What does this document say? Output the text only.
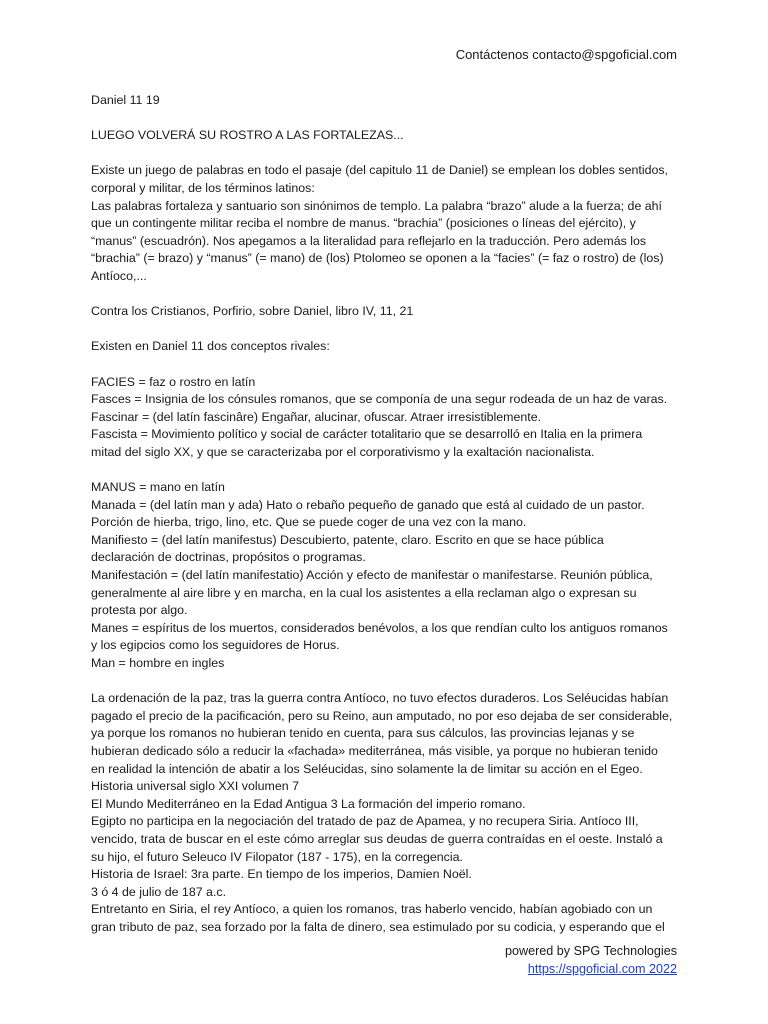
Contáctenos contacto@spgoficial.com
Daniel 11 19
LUEGO VOLVERÁ SU ROSTRO A LAS FORTALEZAS...
Existe un juego de palabras en todo el pasaje (del capitulo 11 de Daniel) se emplean los dobles sentidos,
corporal y militar, de los términos latinos:
Las palabras fortaleza y santuario son sinónimos de templo. La palabra “brazo” alude a la fuerza; de ahí
que un contingente militar reciba el nombre de manus. “brachia” (posiciones o líneas del ejército), y
“manus” (escuadrón). Nos apegamos a la literalidad para reflejarlo en la traducción. Pero además los
“brachia” (= brazo) y “manus” (= mano) de (los) Ptolomeo se oponen a la “facies” (= faz o rostro) de (los)
Antíoco,...
Contra los Cristianos, Porfirio, sobre Daniel, libro IV, 11, 21
Existen en Daniel 11 dos conceptos rivales:
FACIES = faz o rostro en latín
Fasces = Insignia de los cónsules romanos, que se componía de una segur rodeada de un haz de varas.
Fascinar = (del latín fascinâre) Engañar, alucinar, ofuscar. Atraer irresistiblemente.
Fascista = Movimiento político y social de carácter totalitario que se desarrolló en Italia en la primera
mitad del siglo XX, y que se caracterizaba por el corporativismo y la exaltación nacionalista.
MANUS = mano en latín
Manada = (del latín man y ada) Hato o rebaño pequeño de ganado que está al cuidado de un pastor.
Porción de hierba, trigo, lino, etc. Que se puede coger de una vez con la mano.
Manifiesto = (del latín manifestus) Descubierto, patente, claro. Escrito en que se hace pública
declaración de doctrinas, propósitos o programas.
Manifestación = (del latín manifestatio) Acción y efecto de manifestar o manifestarse. Reunión pública,
generalmente al aire libre y en marcha, en la cual los asistentes a ella reclaman algo o expresan su
protesta por algo.
Manes = espíritus de los muertos, considerados benévolos, a los que rendían culto los antiguos romanos
y los egipcios como los seguidores de Horus.
Man = hombre en ingles
La ordenación de la paz, tras la guerra contra Antíoco, no tuvo efectos duraderos. Los Seléucidas habían
pagado el precio de la pacificación, pero su Reino, aun amputado, no por eso dejaba de ser considerable,
ya porque los romanos no hubieran tenido en cuenta, para sus cálculos, las provincias lejanas y se
hubieran dedicado sólo a reducir la «fachada» mediterránea, más visible, ya porque no hubieran tenido
en realidad la intención de abatir a los Seléucidas, sino solamente la de limitar su acción en el Egeo.
Historia universal siglo XXI volumen 7
El Mundo Mediterráneo en la Edad Antigua 3 La formación del imperio romano.
Egipto no participa en la negociación del tratado de paz de Apamea, y no recupera Siria. Antíoco III,
vencido, trata de buscar en el este cómo arreglar sus deudas de guerra contraídas en el oeste. Instaló a
su hijo, el futuro Seleuco IV Filopator (187 - 175), en la corregencia.
Historia de Israel: 3ra parte. En tiempo de los imperios, Damien Noël.
3 ó 4 de julio de 187 a.c.
Entretanto en Siria, el rey Antíoco, a quien los romanos, tras haberlo vencido, habían agobiado con un
gran tributo de paz, sea forzado por la falta de dinero, sea estimulado por su codicia, y esperando que el
powered by SPG Technologies
https://spgoficial.com 2022
